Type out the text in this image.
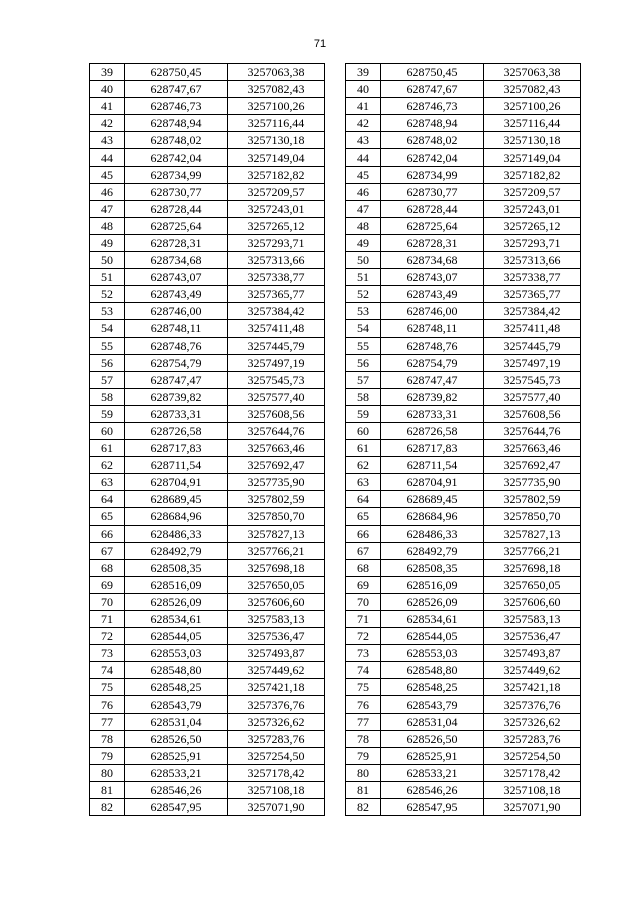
71
39	628750,45	3257063,38
40	628747,67	3257082,43
41	628746,73	3257100,26
42	628748,94	3257116,44
43	628748,02	3257130,18
44	628742,04	3257149,04
45	628734,99	3257182,82
46	628730,77	3257209,57
47	628728,44	3257243,01
48	628725,64	3257265,12
49	628728,31	3257293,71
50	628734,68	3257313,66
51	628743,07	3257338,77
52	628743,49	3257365,77
53	628746,00	3257384,42
54	628748,11	3257411,48
55	628748,76	3257445,79
56	628754,79	3257497,19
57	628747,47	3257545,73
58	628739,82	3257577,40
59	628733,31	3257608,56
60	628726,58	3257644,76
61	628717,83	3257663,46
62	628711,54	3257692,47
63	628704,91	3257735,90
64	628689,45	3257802,59
65	628684,96	3257850,70
66	628486,33	3257827,13
67	628492,79	3257766,21
68	628508,35	3257698,18
69	628516,09	3257650,05
70	628526,09	3257606,60
71	628534,61	3257583,13
72	628544,05	3257536,47
73	628553,03	3257493,87
74	628548,80	3257449,62
75	628548,25	3257421,18
76	628543,79	3257376,76
77	628531,04	3257326,62
78	628526,50	3257283,76
79	628525,91	3257254,50
80	628533,21	3257178,42
81	628546,26	3257108,18
82	628547,95	3257071,90
39	628750,45	3257063,38
40	628747,67	3257082,43
41	628746,73	3257100,26
42	628748,94	3257116,44
43	628748,02	3257130,18
44	628742,04	3257149,04
45	628734,99	3257182,82
46	628730,77	3257209,57
47	628728,44	3257243,01
48	628725,64	3257265,12
49	628728,31	3257293,71
50	628734,68	3257313,66
51	628743,07	3257338,77
52	628743,49	3257365,77
53	628746,00	3257384,42
54	628748,11	3257411,48
55	628748,76	3257445,79
56	628754,79	3257497,19
57	628747,47	3257545,73
58	628739,82	3257577,40
59	628733,31	3257608,56
60	628726,58	3257644,76
61	628717,83	3257663,46
62	628711,54	3257692,47
63	628704,91	3257735,90
64	628689,45	3257802,59
65	628684,96	3257850,70
66	628486,33	3257827,13
67	628492,79	3257766,21
68	628508,35	3257698,18
69	628516,09	3257650,05
70	628526,09	3257606,60
71	628534,61	3257583,13
72	628544,05	3257536,47
73	628553,03	3257493,87
74	628548,80	3257449,62
75	628548,25	3257421,18
76	628543,79	3257376,76
77	628531,04	3257326,62
78	628526,50	3257283,76
79	628525,91	3257254,50
80	628533,21	3257178,42
81	628546,26	3257108,18
82	628547,95	3257071,90
